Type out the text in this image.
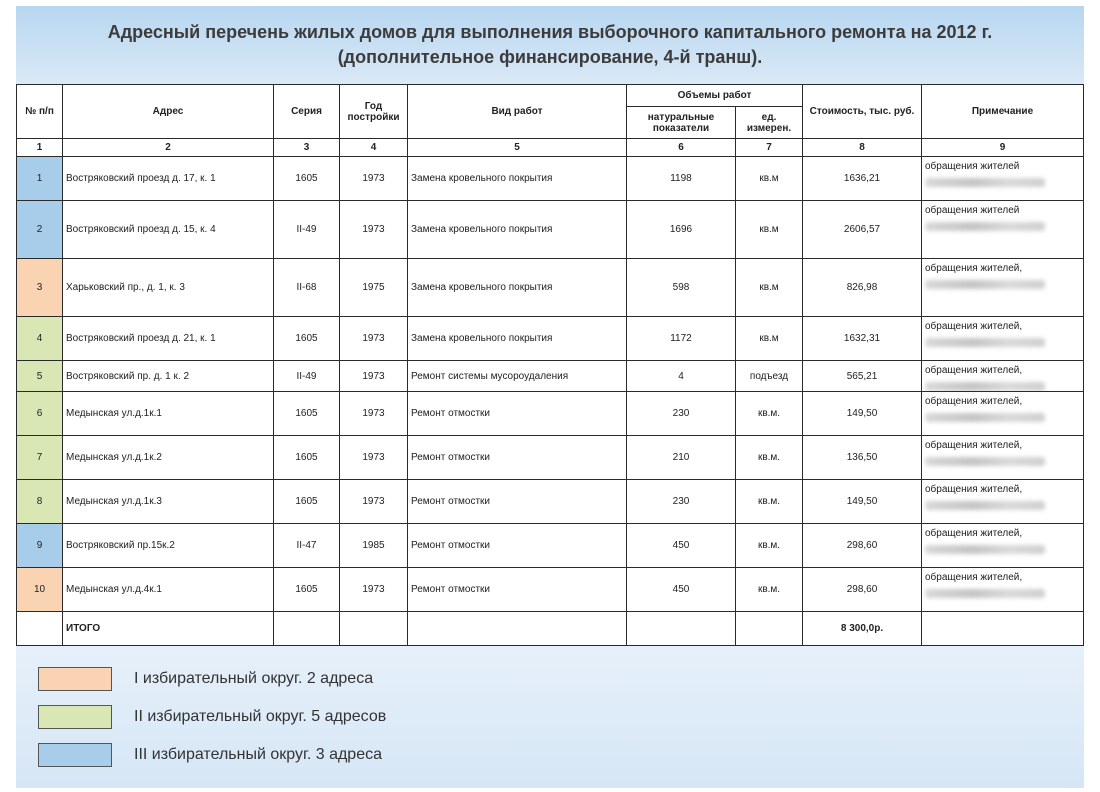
Адресный перечень жилых домов для выполнения выборочного капитального ремонта на 2012 г.
(дополнительное финансирование, 4-й транш).
№ п/п	Адрес	Серия	Год постройки	Вид работ	Объемы работ		Стоимость, тыс. руб.	Примечание
					натуральные показатели	ед. измерен.		
1	2	3	4	5	6	7	8	9
1	Востряковский проезд д. 17, к. 1	1605	1973	Замена кровельного покрытия	1198	кв.м	1636,21	обращения жителей

2	Востряковский проезд д. 15, к. 4	II-49	1973	Замена кровельного покрытия	1696	кв.м	2606,57	обращения жителей

3	Харьковский пр., д. 1, к. 3	II-68	1975	Замена кровельного покрытия	598	кв.м	826,98	обращения жителей,

4	Востряковский проезд д. 21, к. 1	1605	1973	Замена кровельного покрытия	1172	кв.м	1632,31	обращения жителей,

5	Востряковский пр. д. 1 к. 2	II-49	1973	Ремонт системы мусороудаления	4	подъезд	565,21	обращения жителей,

6	Медынская ул.д.1к.1	1605	1973	Ремонт отмостки	230	кв.м.	149,50	обращения жителей,

7	Медынская ул.д.1к.2	1605	1973	Ремонт отмостки	210	кв.м.	136,50	обращения жителей,

8	Медынская ул.д.1к.3	1605	1973	Ремонт отмостки	230	кв.м.	149,50	обращения жителей,

9	Востряковский пр.15к.2	II-47	1985	Ремонт отмостки	450	кв.м.	298,60	обращения жителей,

10	Медынская ул.д.4к.1	1605	1973	Ремонт отмостки	450	кв.м.	298,60	обращения жителей,

	ИТОГО						8 300,0р.	
I избирательный округ. 2 адреса
II избирательный округ. 5 адресов
III избирательный округ. 3 адреса
